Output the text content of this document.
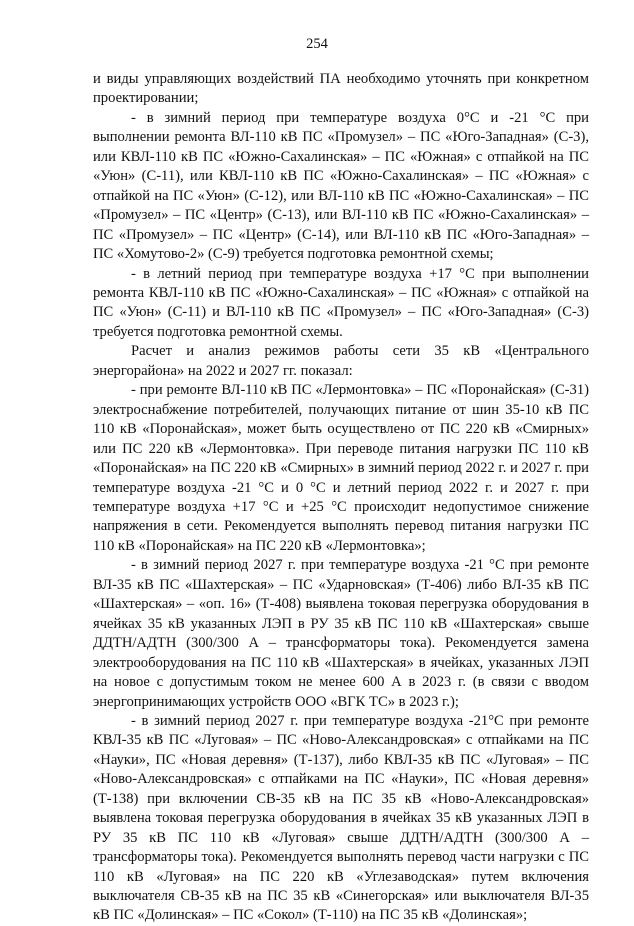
254

и виды управляющих воздействий ПА необходимо уточнять при конкретном проектировании;

- в зимний период при температуре воздуха 0°C и -21 °C при выполнении ремонта ВЛ-110 кВ ПС «Промузел» – ПС «Юго-Западная» (С-3), или КВЛ-110 кВ ПС «Южно-Сахалинская» – ПС «Южная» с отпайкой на ПС «Уюн» (С-11), или КВЛ-110 кВ ПС «Южно-Сахалинская» – ПС «Южная» с отпайкой на ПС «Уюн» (С-12), или ВЛ-110 кВ ПС «Южно-Сахалинская» – ПС «Промузел» – ПС «Центр» (С-13), или ВЛ-110 кВ ПС «Южно-Сахалинская» – ПС «Промузел» – ПС «Центр» (С-14), или ВЛ-110 кВ ПС «Юго-Западная» – ПС «Хомутово-2» (С-9) требуется подготовка ремонтной схемы;

- в летний период при температуре воздуха +17 °C при выполнении ремонта КВЛ-110 кВ ПС «Южно-Сахалинская» – ПС «Южная» с отпайкой на ПС «Уюн» (С-11) и ВЛ-110 кВ ПС «Промузел» – ПС «Юго-Западная» (С-3) требуется подготовка ремонтной схемы.

Расчет и анализ режимов работы сети 35 кВ «Центрального энергорайона» на 2022 и 2027 гг. показал:

- при ремонте ВЛ-110 кВ ПС «Лермонтовка» – ПС «Поронайская» (С-31) электроснабжение потребителей, получающих питание от шин 35-10 кВ ПС 110 кВ «Поронайская», может быть осуществлено от ПС 220 кВ «Смирных» или ПС 220 кВ «Лермонтовка». При переводе питания нагрузки ПС 110 кВ «Поронайская» на ПС 220 кВ «Смирных» в зимний период 2022 г. и 2027 г. при температуре воздуха -21 °C и 0 °C и летний период 2022 г. и 2027 г. при температуре воздуха +17 °C и +25 °C происходит недопустимое снижение напряжения в сети. Рекомендуется выполнять перевод питания нагрузки ПС 110 кВ «Поронайская» на ПС 220 кВ «Лермонтовка»;

- в зимний период 2027 г. при температуре воздуха -21 °C при ремонте ВЛ-35 кВ ПС «Шахтерская» – ПС «Ударновская» (Т-406) либо ВЛ-35 кВ ПС «Шахтерская» – «оп. 16» (Т-408) выявлена токовая перегрузка оборудования в ячейках 35 кВ указанных ЛЭП в РУ 35 кВ ПС 110 кВ «Шахтерская» свыше ДДТН/АДТН (300/300 А – трансформаторы тока). Рекомендуется замена электрооборудования на ПС 110 кВ «Шахтерская» в ячейках, указанных ЛЭП на новое с допустимым током не менее 600 А в 2023 г. (в связи с вводом энергопринимающих устройств ООО «ВГК ТС» в 2023 г.);

- в зимний период 2027 г. при температуре воздуха -21°C при ремонте КВЛ-35 кВ ПС «Луговая» – ПС «Ново-Александровская» с отпайками на ПС «Науки», ПС «Новая деревня» (Т-137), либо КВЛ-35 кВ ПС «Луговая» – ПС «Ново-Александровская» с отпайками на ПС «Науки», ПС «Новая деревня» (Т-138) при включении СВ-35 кВ на ПС 35 кВ «Ново-Александровская» выявлена токовая перегрузка оборудования в ячейках 35 кВ указанных ЛЭП в РУ 35 кВ ПС 110 кВ «Луговая» свыше ДДТН/АДТН (300/300 А – трансформаторы тока). Рекомендуется выполнять перевод части нагрузки с ПС 110 кВ «Луговая» на ПС 220 кВ «Углезаводская» путем включения выключателя СВ-35 кВ на ПС 35 кВ «Синегорская» или выключателя ВЛ-35 кВ ПС «Долинская» – ПС «Сокол» (Т-110) на ПС 35 кВ «Долинская»;
